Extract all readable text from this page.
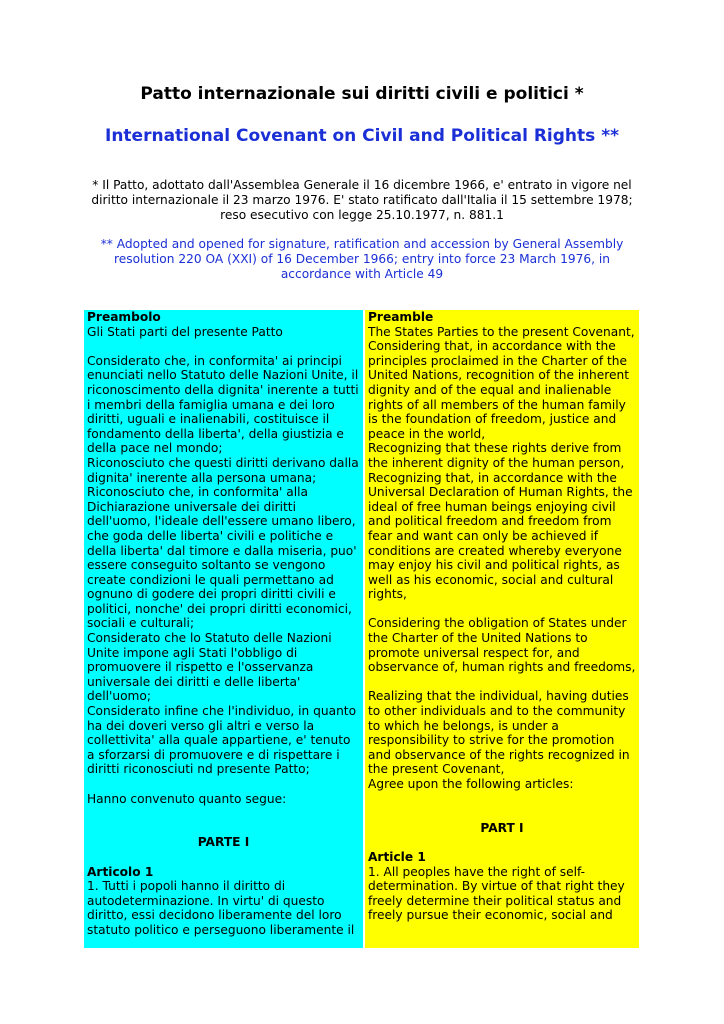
Patto internazionale sui diritti civili e politici *
International Covenant on Civil and Political Rights **
* Il Patto, adottato dall'Assemblea Generale il 16 dicembre 1966, e' entrato in vigore nel diritto internazionale il 23 marzo 1976. E' stato ratificato dall'Italia il 15 settembre 1978; reso esecutivo con legge 25.10.1977, n. 881.1
** Adopted and opened for signature, ratification and accession by General Assembly resolution 220 OA (XXI) of 16 December 1966; entry into force 23 March 1976, in accordance with Article 49

Preambolo

Gli Stati parti del presente Patto

Considerato che, in conformita' ai principi enunciati nello Statuto delle Nazioni Unite, il riconoscimento della dignita' inerente a tutti i membri della famiglia umana e dei loro diritti, uguali e inalienabili, costituisce il fondamento della liberta', della giustizia e della pace nel mondo;

Riconosciuto che questi diritti derivano dalla dignita' inerente alla persona umana;

Riconosciuto che, in conformita' alla Dichiarazione universale dei diritti dell'uomo, l'ideale dell'essere umano libero, che goda delle liberta' civili e politiche e della liberta' dal timore e dalla miseria, puo' essere conseguito soltanto se vengono create condizioni le quali permettano ad ognuno di godere dei propri diritti civili e politici, nonche' dei propri diritti economici, sociali e culturali;

Considerato che lo Statuto delle Nazioni Unite impone agli Stati l'obbligo di promuovere il rispetto e l'osservanza universale dei diritti e delle liberta' dell'uomo;

Considerato infine che l'individuo, in quanto ha dei doveri verso gli altri e verso la collettivita' alla quale appartiene, e' tenuto a sforzarsi di promuovere e di rispettare i diritti riconosciuti nd presente Patto;

Hanno convenuto quanto segue:

PARTE I

Articolo 1

1. Tutti i popoli hanno il diritto di autodeterminazione. In virtu' di questo diritto, essi decidono liberamente del loro statuto politico e perseguono liberamente il

Preamble

The States Parties to the present Covenant,

Considering that, in accordance with the principles proclaimed in the Charter of the United Nations, recognition of the inherent dignity and of the equal and inalienable rights of all members of the human family is the foundation of freedom, justice and peace in the world,

Recognizing that these rights derive from the inherent dignity of the human person,

Recognizing that, in accordance with the Universal Declaration of Human Rights, the ideal of free human beings enjoying civil and political freedom and freedom from fear and want can only be achieved if conditions are created whereby everyone may enjoy his civil and political rights, as well as his economic, social and cultural rights,

Considering the obligation of States under the Charter of the United Nations to promote universal respect for, and observance of, human rights and freedoms,

Realizing that the individual, having duties to other individuals and to the community to which he belongs, is under a responsibility to strive for the promotion and observance of the rights recognized in the present Covenant,

Agree upon the following articles:

PART I

Article 1

1. All peoples have the right of self-determination. By virtue of that right they freely determine their political status and freely pursue their economic, social and
